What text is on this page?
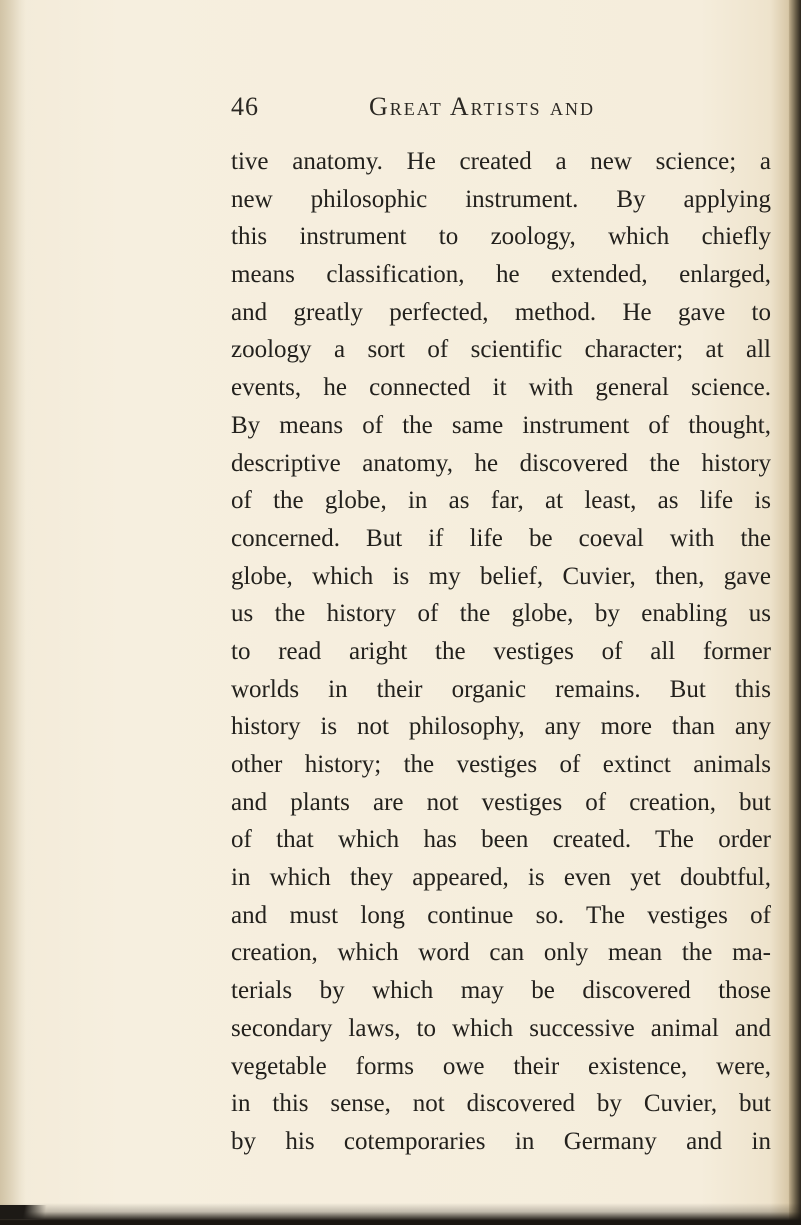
46	Great Artists and
tive anatomy. He created a new science; a
new philosophic instrument. By applying
this instrument to zoology, which chiefly
means classification, he extended, enlarged,
and greatly perfected, method. He gave to
zoology a sort of scientific character; at all
events, he connected it with general science.
By means of the same instrument of thought,
descriptive anatomy, he discovered the history
of the globe, in as far, at least, as life is
concerned. But if life be coeval with the
globe, which is my belief, Cuvier, then, gave
us the history of the globe, by enabling us
to read aright the vestiges of all former
worlds in their organic remains. But this
history is not philosophy, any more than any
other history; the vestiges of extinct animals
and plants are not vestiges of creation, but
of that which has been created. The order
in which they appeared, is even yet doubtful,
and must long continue so. The vestiges of
creation, which word can only mean the ma-
terials by which may be discovered those
secondary laws, to which successive animal and
vegetable forms owe their existence, were,
in this sense, not discovered by Cuvier, but
by his cotemporaries in Germany and in
